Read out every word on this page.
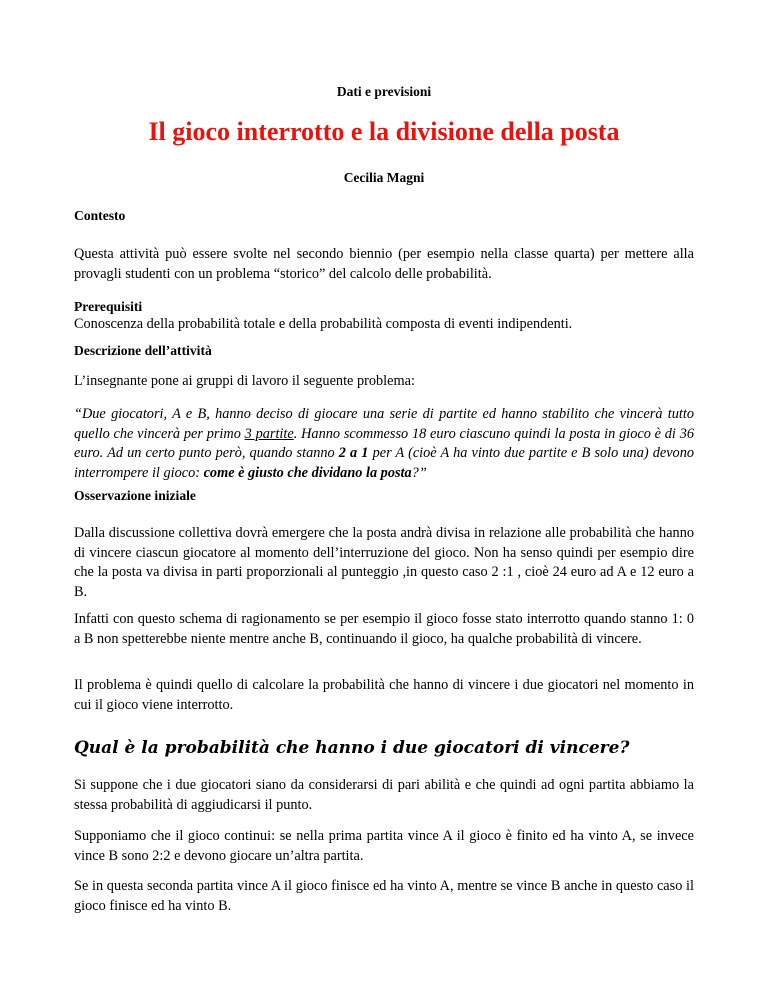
Dati e previsioni
Il gioco interrotto e la divisione della posta
Cecilia Magni
Contesto

Questa attività può essere svolte nel secondo biennio (per esempio nella classe quarta) per mettere alla provagli studenti con un problema “storico” del calcolo delle probabilità.

Prerequisiti

Conoscenza della probabilità totale e della probabilità composta di eventi indipendenti.

Descrizione dell’attività

L’insegnante pone ai gruppi di lavoro il seguente problema:

“Due giocatori, A e B, hanno deciso di giocare una serie di partite ed hanno stabilito che vincerà tutto quello che vincerà per primo 3 partite. Hanno scommesso 18 euro ciascuno quindi la posta in gioco è di 36 euro. Ad un certo punto però, quando stanno 2 a 1 per A (cioè A ha vinto due partite e B solo una) devono interrompere il gioco: come è giusto che dividano la posta?”

Osservazione iniziale

Dalla discussione collettiva dovrà emergere che la posta andrà divisa in relazione alle probabilità che hanno di vincere ciascun giocatore al momento dell’interruzione del gioco. Non ha senso quindi per esempio dire che la posta va divisa in parti proporzionali al punteggio ,in questo caso 2 :1 , cioè 24 euro ad A e 12 euro a B.

Infatti con questo schema di ragionamento se per esempio il gioco fosse stato interrotto quando stanno 1: 0 a B non spetterebbe niente mentre anche B, continuando il gioco, ha qualche probabilità di vincere.

Il problema è quindi quello di calcolare la probabilità che hanno di vincere i due giocatori nel momento in cui il gioco viene interrotto.

Qual è la probabilità che hanno i due giocatori di vincere?

Si suppone che i due giocatori siano da considerarsi di pari abilità e che quindi ad ogni partita abbiamo la stessa probabilità di aggiudicarsi il punto.

Supponiamo che il gioco continui: se nella prima partita vince A il gioco è finito ed ha vinto A, se invece vince B sono 2:2 e devono giocare un’altra partita.

Se in questa seconda partita vince A il gioco finisce ed ha vinto A, mentre se vince B anche in questo caso il gioco finisce ed ha vinto B.
